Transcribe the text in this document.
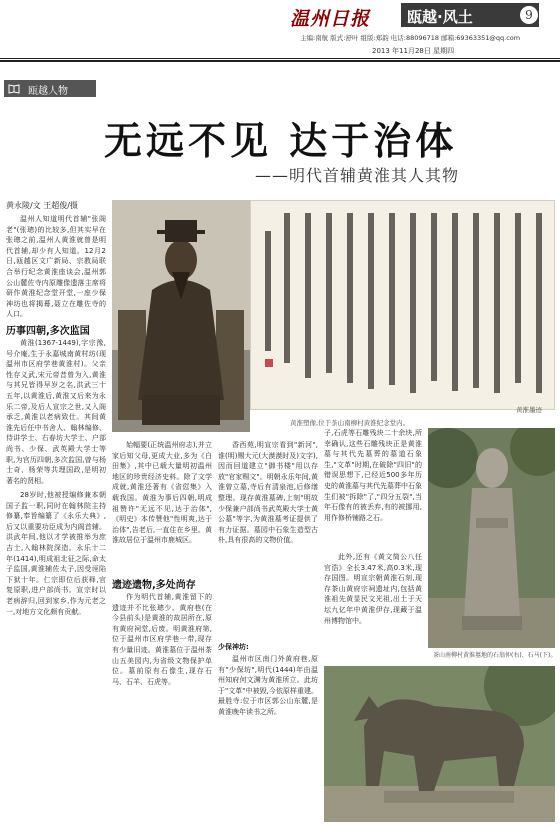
温州日报	瓯越·风土	9
主编:南航 版式:舒叶 组版:郑韵 电话:88096718 邮箱:69363351@qq.com
2013 年11月28日 星期四
瓯越人物
无远不见 达于治体
——明代首辅黄淮其人其物
黄永陵/文 王超俊/摄
温州人知道明代首辅"张阁老"(张璁)的比较多,但其实早在张璁之前,温州人黄淮就曾是明代首辅,却少有人知道。12月2日,瓯越区文广新局、宗教局联合举行纪念黄淮座谈会,温州郭公山麓佐寺内原雕像遗落主席将研作黄淮纪念堂开堂,一座少保神坊也将揭幕,聂立在雕佐寺的人口。
历事四朝,多次监国
黄淮(1367-1449),字宗豫,号介庵,生于永嘉城南黄村坊(现温州市区府学巷黄淮村)。父亲性存义武,宋元帝昔曾为入,黄淮与其兄皆得早岁之名,洪武三十五年,以黄淮后,黄淮又后来为永乐二帝,及后人宣宗之世,又入阁承乏,黄淮以老病致仕。其间黄淮先后任中书舍人、翰林编修、侍讲学士、右春坊大学士、户部尚书、少保、武英殿大学士等职,为官历四朝,多次监国,曾与杨士奇、杨荣等共理国政,是明初著名的贤相。
28岁时,他被授编修兼本朝国子监一职,同时在翰林院主持修纂,奉旨编纂了《永乐大典》,后又以重要功臣成为内阁首辅。洪武年间,他以才学被推举为庶吉士,入翰林院深造。永乐十二年(1414),明成祖北征之际,命太子监国,黄淮辅佐太子,因受诬陷下狱十年。仁宗即位后获释,官复原职,进户部尚书。宣宗时以老病辞归,回到家乡,作为元老之一,对地方文化颇有贡献。
黄淮墨迹
黄淮塑像,位于茶山南柳村黄淮纪念堂内。
始幅要(正统温州府志),并立家后知父母,更成大业,多为《白田集》,其中已载大量明初温州地区的珍贵经济史料。除了文学成就,黄淮还著有《省愆集》入载我国。黄淮为事后四朝,明成祖赞许"无远不见,达于治体",《明史》本传赞他"性明爽,达于治体",告老后,一直住在乡里。黄淮故居位于温州市鹿城区。
遗迹遗物,多处尚存
作为明代首辅,黄淮留下的遗迹并不比张璁少。黄府巷(在今县前头)是黄淮的故居所在,原有黄府祠堂,后废。明黄淮府第,位于温州市区府学巷一带,现存有少量旧迹。黄淮墓位于温州茶山五美园内,为省级文物保护单位。墓前原有石像生,现存石马、石羊、石虎等。
香西苑,明宣宗看到"新河",谁(明)赐大元(大漠漠时及)文字),因而回道建立"御书楼"用以存放"官家赐文"。明朝永乐年间,黄淮曾立墓,寺后有清泉池,后修缮整理。现存黄淮墓碑,上刻"明故少保兼户部尚书武英殿大学士黄公墓"等字,为黄淮墓考证提供了有力证据。墓园中石象生造型古朴,具有很高的文物价值。
少保神坊:
温州市区南门外黄府巷,原有"少保坊",明代(1444)年由温州知府何文渊为黄淮所立。此坊于"文革"中被毁,今依原样重建。最胜寺:位于市区郭公山东麓,是黄淮晚年读书之所。
子,石虎等石雕残块二十余块,所幸确认,这些石雕残块正是黄淮墓与其代先墓葬的墓道石象生,"文革"时期,在破除"四旧"的错误思想下,已经近500多年历史的黄淮墓与其代先墓葬中石象生们被"拆除"了,"四分五裂",当年石像有的被丢弃,有的被挪用,用作修桥铺路之石。
此外,还有《黄文简公八任官诰》全长3.47米,高0.3米,现存国图。明宣宗朝黄淮石刻,现存茶山黄府宗祠遗址内,包括黄淮祖先黄显民文光祖,出土于天坛九亿年中黄淮伊存,现藏于温州博物馆中。
茶山南柳村黄淮墓地的石翁仲(右)、石马(下)。
